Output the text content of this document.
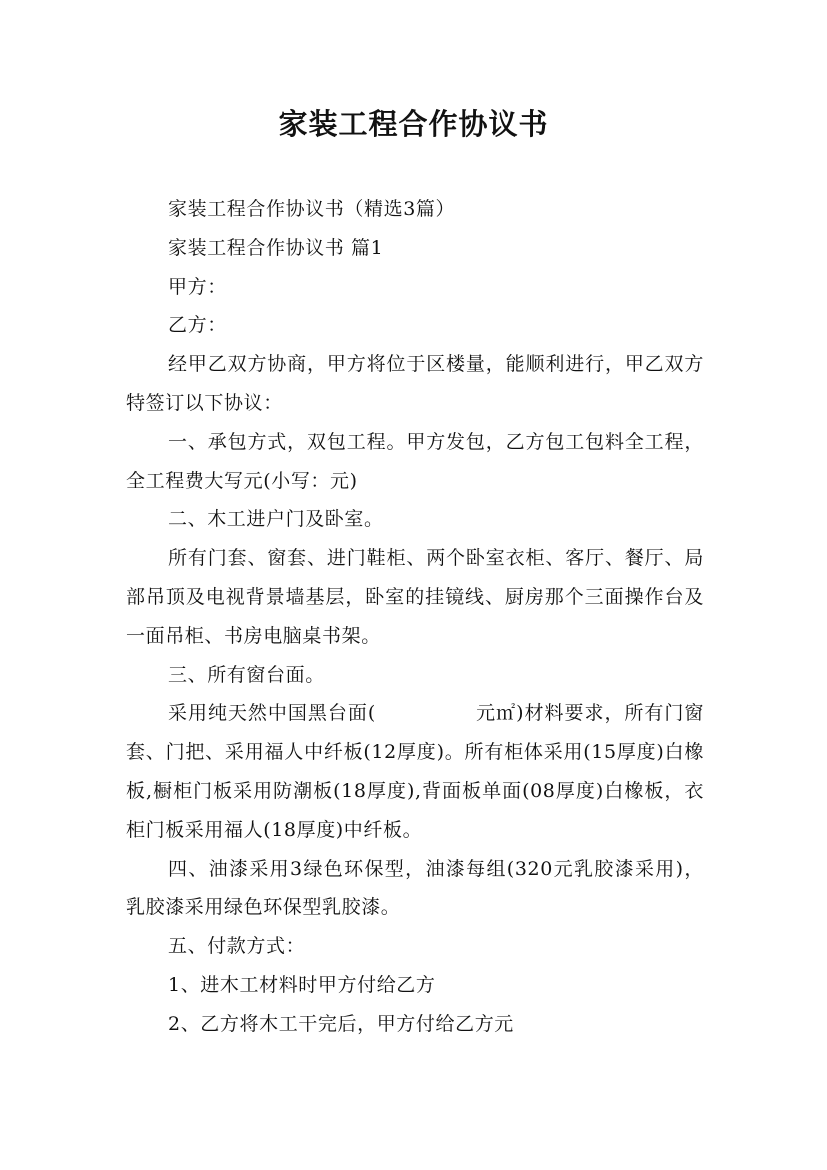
家装工程合作协议书

家装工程合作协议书（精选3篇）

家装工程合作协议书 篇1

甲方：

乙方：

经甲乙双方协商，甲方将位于区楼量，能顺利进行，甲乙双方特签订以下协议：

一、承包方式，双包工程。甲方发包，乙方包工包料全工程，全工程费大写元(小写：元)

二、木工进户门及卧室。

所有门套、窗套、进门鞋柜、两个卧室衣柜、客厅、餐厅、局部吊顶及电视背景墙基层，卧室的挂镜线、厨房那个三面操作台及一面吊柜、书房电脑桌书架。

三、所有窗台面。

采用纯天然中国黑台面(　　　　　元㎡)材料要求，所有门窗套、门把、采用福人中纤板(12厚度)。所有柜体采用(15厚度)白橡板,橱柜门板采用防潮板(18厚度),背面板单面(08厚度)白橡板，衣柜门板采用福人(18厚度)中纤板。

四、油漆采用3绿色环保型，油漆每组(320元乳胶漆采用)，乳胶漆采用绿色环保型乳胶漆。

五、付款方式：

1、进木工材料时甲方付给乙方

2、乙方将木工干完后，甲方付给乙方元
